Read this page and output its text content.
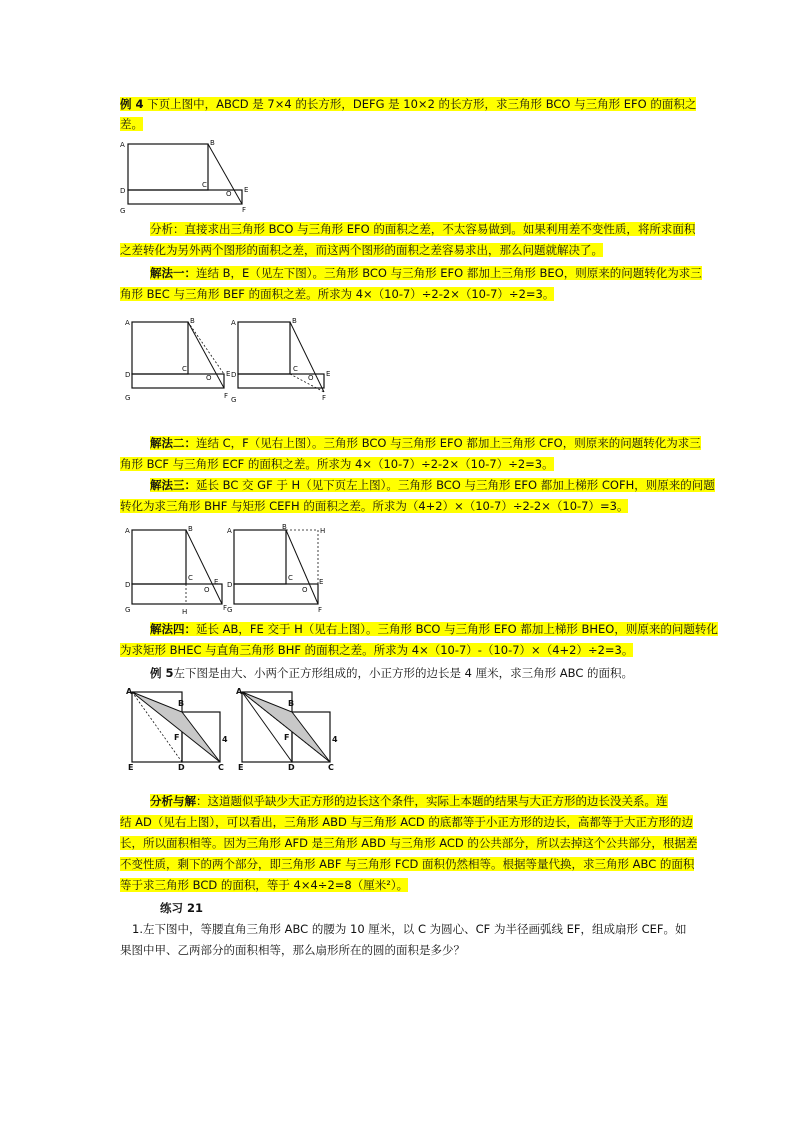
例 4 下页上图中，ABCD 是 7×4 的长方形，DEFG 是 10×2 的长方形，求三角形 BCO 与三角形 EFO 的面积之
差。
A	B
C
O
D	E
G	F
分析：直接求出三角形 BCO 与三角形 EFO 的面积之差，不太容易做到。如果利用差不变性质，将所求面积
之差转化为另外两个图形的面积之差，而这两个图形的面积之差容易求出，那么问题就解决了。
解法一：连结 B，E（见左下图）。三角形 BCO 与三角形 EFO 都加上三角形 BEO，则原来的问题转化为求三
角形 BEC 与三角形 BEF 的面积之差。所求为 4×（10-7）÷2-2×（10-7）÷2=3。
A	B
C
O
D	E
G	F
A	B
C
O
D	E
G	F
解法二：连结 C，F（见右上图）。三角形 BCO 与三角形 EFO 都加上三角形 CFO，则原来的问题转化为求三
角形 BCF 与三角形 ECF 的面积之差。所求为 4×（10-7）÷2-2×（10-7）÷2=3。
解法三：延长 BC 交 GF 于 H（见下页左上图）。三角形 BCO 与三角形 EFO 都加上梯形 COFH，则原来的问题
转化为求三角形 BHF 与矩形 CEFH 的面积之差。所求为（4+2）×（10-7）÷2-2×（10-7）=3。
A	B
C
O
D	E
G	H	F
A	B
C
O
D	E
G
H
F
解法四：延长 AB，FE 交于 H（见右上图）。三角形 BCO 与三角形 EFO 都加上梯形 BHEO，则原来的问题转化
为求矩形 BHEC 与直角三角形 BHF 的面积之差。所求为 4×（10-7）-（10-7）×（4+2）÷2=3。
例 5左下图是由大、小两个正方形组成的，小正方形的边长是 4 厘米，求三角形 ABC 的面积。
A
B
F
E	D	C
4
A
B
F
E	D	C
4
分析与解：这道题似乎缺少大正方形的边长这个条件，实际上本题的结果与大正方形的边长没关系。连
结 AD（见右上图），可以看出，三角形 ABD 与三角形 ACD 的底都等于小正方形的边长，高都等于大正方形的边
长，所以面积相等。因为三角形 AFD 是三角形 ABD 与三角形 ACD 的公共部分，所以去掉这个公共部分，根据差
不变性质，剩下的两个部分，即三角形 ABF 与三角形 FCD 面积仍然相等。根据等量代换，求三角形 ABC 的面积
等于求三角形 BCD 的面积，等于 4×4÷2=8（厘米²）。
练习 21
1.左下图中，等腰直角三角形 ABC 的腰为 10 厘米，以 C 为圆心、CF 为半径画弧线 EF，组成扇形 CEF。如
果图中甲、乙两部分的面积相等，那么扇形所在的圆的面积是多少？
